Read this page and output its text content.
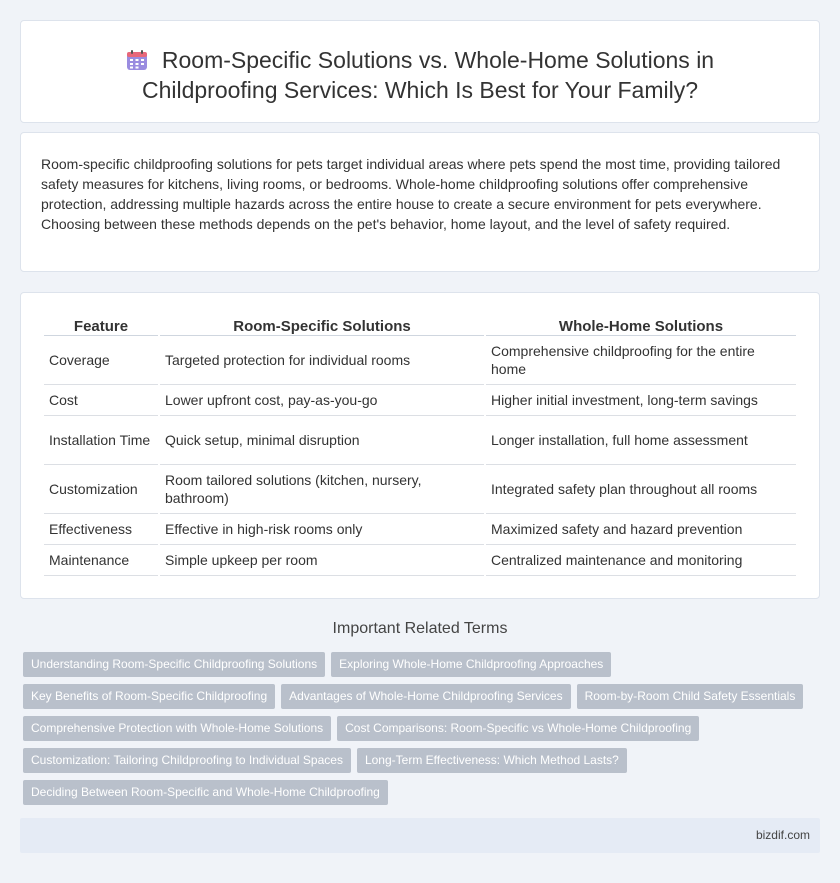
Room-Specific Solutions vs. Whole-Home Solutions in
Childproofing Services: Which Is Best for Your Family?

Room-specific childproofing solutions for pets target individual areas where pets spend the most time, providing tailored safety measures for kitchens, living rooms, or bedrooms. Whole-home childproofing solutions offer comprehensive protection, addressing multiple hazards across the entire house to create a secure environment for pets everywhere. Choosing between these methods depends on the pet's behavior, home layout, and the level of safety required.

Feature	Room-Specific Solutions	Whole-Home Solutions
Coverage	Targeted protection for individual rooms	Comprehensive childproofing for the entire home
Cost	Lower upfront cost, pay-as-you-go	Higher initial investment, long-term savings
Installation Time	Quick setup, minimal disruption	Longer installation, full home assessment
Customization	Room tailored solutions (kitchen, nursery, bathroom)	Integrated safety plan throughout all rooms
Effectiveness	Effective in high-risk rooms only	Maximized safety and hazard prevention
Maintenance	Simple upkeep per room	Centralized maintenance and monitoring
Important Related Terms
Understanding Room-Specific Childproofing Solutions Exploring Whole-Home Childproofing Approaches
Key Benefits of Room-Specific Childproofing Advantages of Whole-Home Childproofing Services Room-by-Room Child Safety Essentials
Comprehensive Protection with Whole-Home Solutions Cost Comparisons: Room-Specific vs Whole-Home Childproofing
Customization: Tailoring Childproofing to Individual Spaces Long-Term Effectiveness: Which Method Lasts?
Deciding Between Room-Specific and Whole-Home Childproofing
bizdif.com
